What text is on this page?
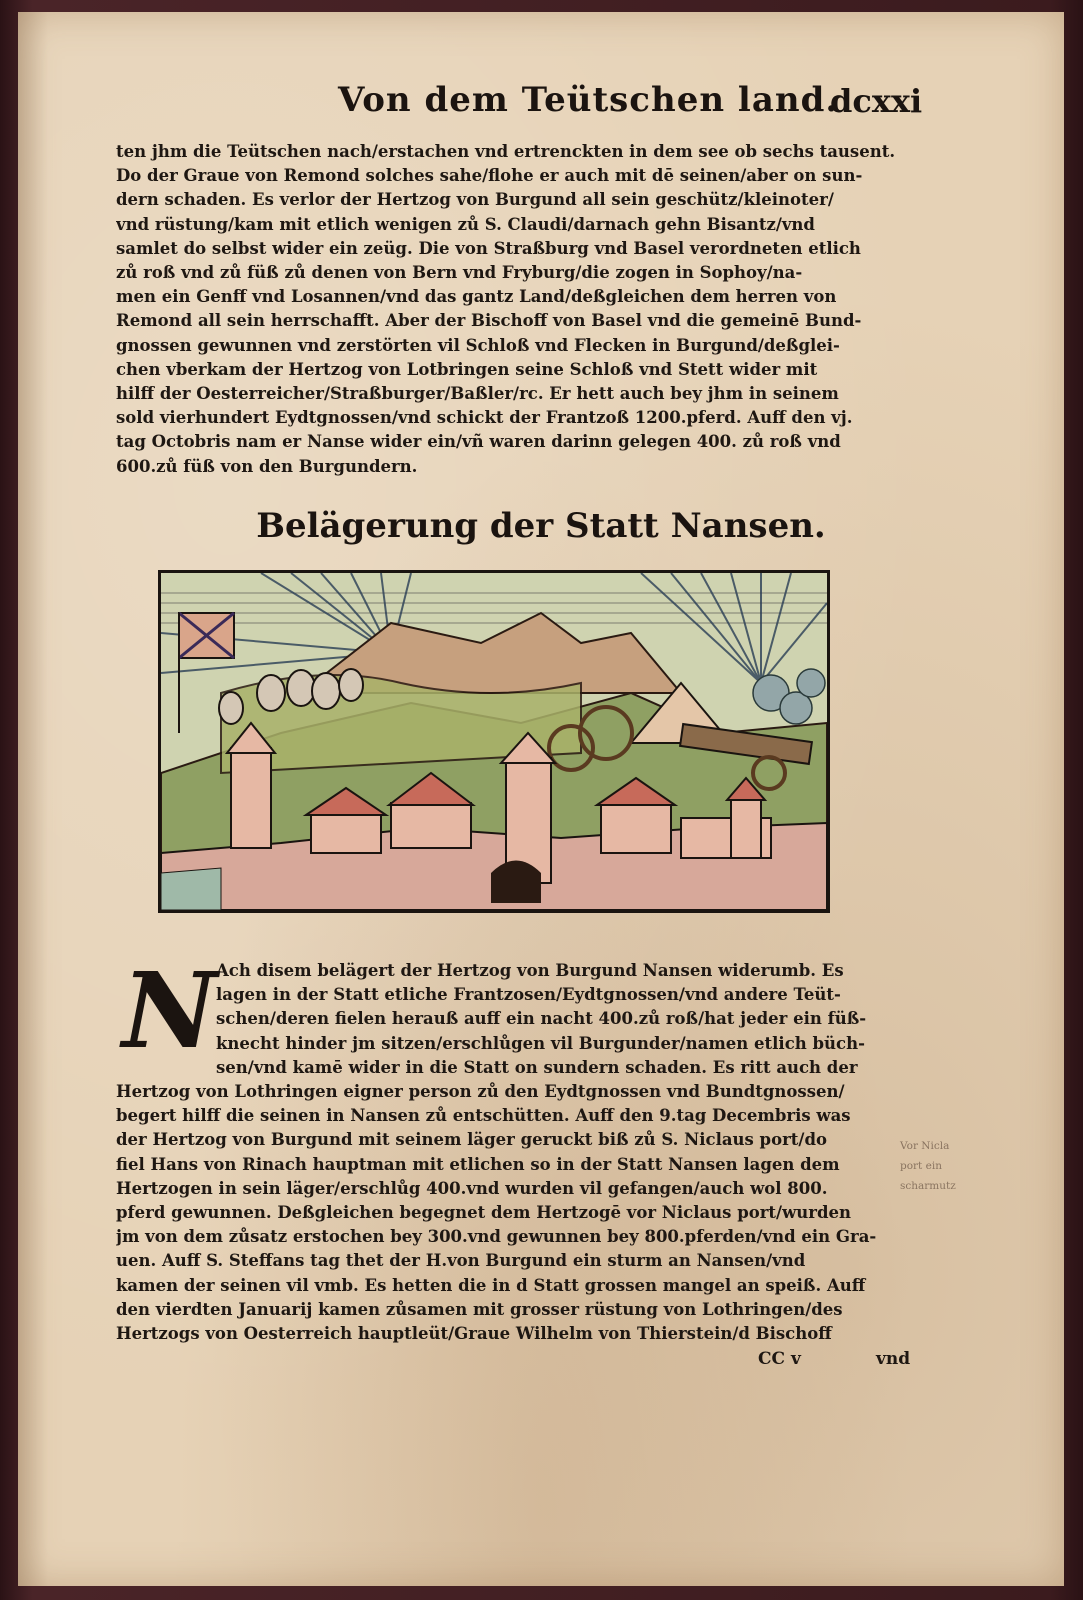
Von dem Teütschen land.
dcxxi
ten jhm die Teütschen nach/erstachen vnd ertrenckten in dem see ob sechs tausent.
Do der Graue von Remond solches sahe/flohe er auch mit dē seinen/aber on sun-
dern schaden. Es verlor der Hertzog von Burgund all sein geschütz/kleinoter/
vnd rüstung/kam mit etlich wenigen zů S. Claudi/darnach gehn Bisantz/vnd
samlet do selbst wider ein zeüg. Die von Straßburg vnd Basel verordneten etlich
zů roß vnd zů füß zů denen von Bern vnd Fryburg/die zogen in Sophoy/na-
men ein Genff vnd Losannen/vnd das gantz Land/deßgleichen dem herren von
Remond all sein herrschafft. Aber der Bischoff von Basel vnd die gemeinē Bund-
gnossen gewunnen vnd zerstörten vil Schloß vnd Flecken in Burgund/deßglei-
chen vberkam der Hertzog von Lotbringen seine Schloß vnd Stett wider mit
hilff der Oesterreicher/Straßburger/Baßler/rc. Er hett auch bey jhm in seinem
sold vierhundert Eydtgnossen/vnd schickt der Frantzoß 1200.pferd. Auff den vj.
tag Octobris nam er Nanse wider ein/vñ waren darinn gelegen 400. zů roß vnd
600.zů füß von den Burgundern.
Belägerung der Statt Nansen.
N
Ach disem belägert der Hertzog von Burgund Nansen widerumb. Es
lagen in der Statt etliche Frantzosen/Eydtgnossen/vnd andere Teüt-
schen/deren fielen herauß auff ein nacht 400.zů roß/hat jeder ein füß-
knecht hinder jm sitzen/erschlůgen vil Burgunder/namen etlich büch-
sen/vnd kamē wider in die Statt on sundern schaden. Es ritt auch der
Hertzog von Lothringen eigner person zů den Eydtgnossen vnd Bundtgnossen/
begert hilff die seinen in Nansen zů entschütten. Auff den 9.tag Decembris was
der Hertzog von Burgund mit seinem läger geruckt biß zů S. Niclaus port/do
fiel Hans von Rinach hauptman mit etlichen so in der Statt Nansen lagen dem
Hertzogen in sein läger/erschlůg 400.vnd wurden vil gefangen/auch wol 800.
pferd gewunnen. Deßgleichen begegnet dem Hertzogē vor Niclaus port/wurden
jm von dem zůsatz erstochen bey 300.vnd gewunnen bey 800.pferden/vnd ein Gra-
uen. Auff S. Steffans tag thet der H.von Burgund ein sturm an Nansen/vnd
kamen der seinen vil vmb. Es hetten die in d Statt grossen mangel an speiß. Auff
den vierdten Januarij kamen zůsamen mit grosser rüstung von Lothringen/des
Hertzogs von Oesterreich hauptleüt/Graue Wilhelm von Thierstein/d Bischoff
Vor Nicla
port ein
scharmutz
CC v	vnd
